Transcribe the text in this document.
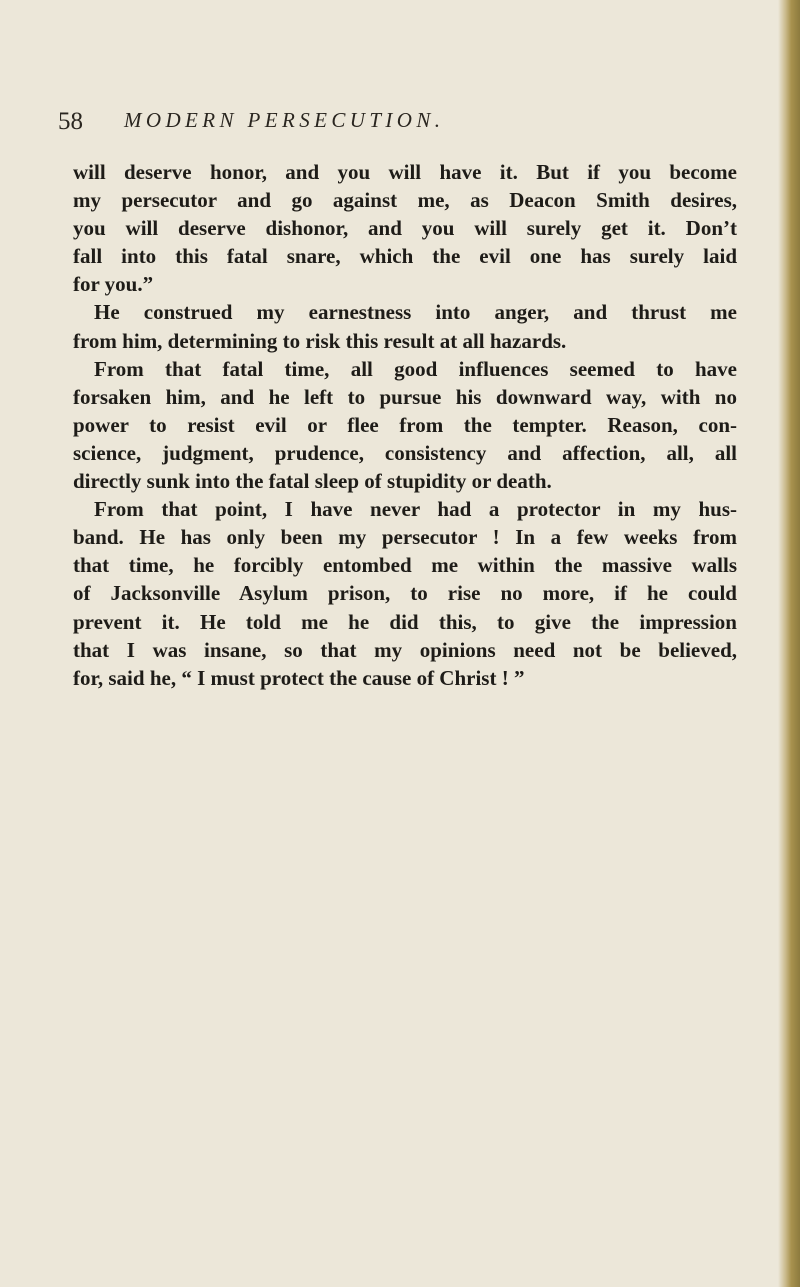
58 MODERN PERSECUTION.

will deserve honor, and you will have it. But if you become
my persecutor and go against me, as Deacon Smith desires,
you will deserve dishonor, and you will surely get it. Don’t
fall into this fatal snare, which the evil one has surely laid
for you.”

He construed my earnestness into anger, and thrust me
from him, determining to risk this result at all hazards.

From that fatal time, all good influences seemed to have
forsaken him, and he left to pursue his downward way, with no
power to resist evil or flee from the tempter. Reason, con-
science, judgment, prudence, consistency and affection, all, all
directly sunk into the fatal sleep of stupidity or death.

From that point, I have never had a protector in my hus-
band. He has only been my persecutor ! In a few weeks from
that time, he forcibly entombed me within the massive walls
of Jacksonville Asylum prison, to rise no more, if he could
prevent it. He told me he did this, to give the impression
that I was insane, so that my opinions need not be believed,
for, said he, “ I must protect the cause of Christ ! ”
